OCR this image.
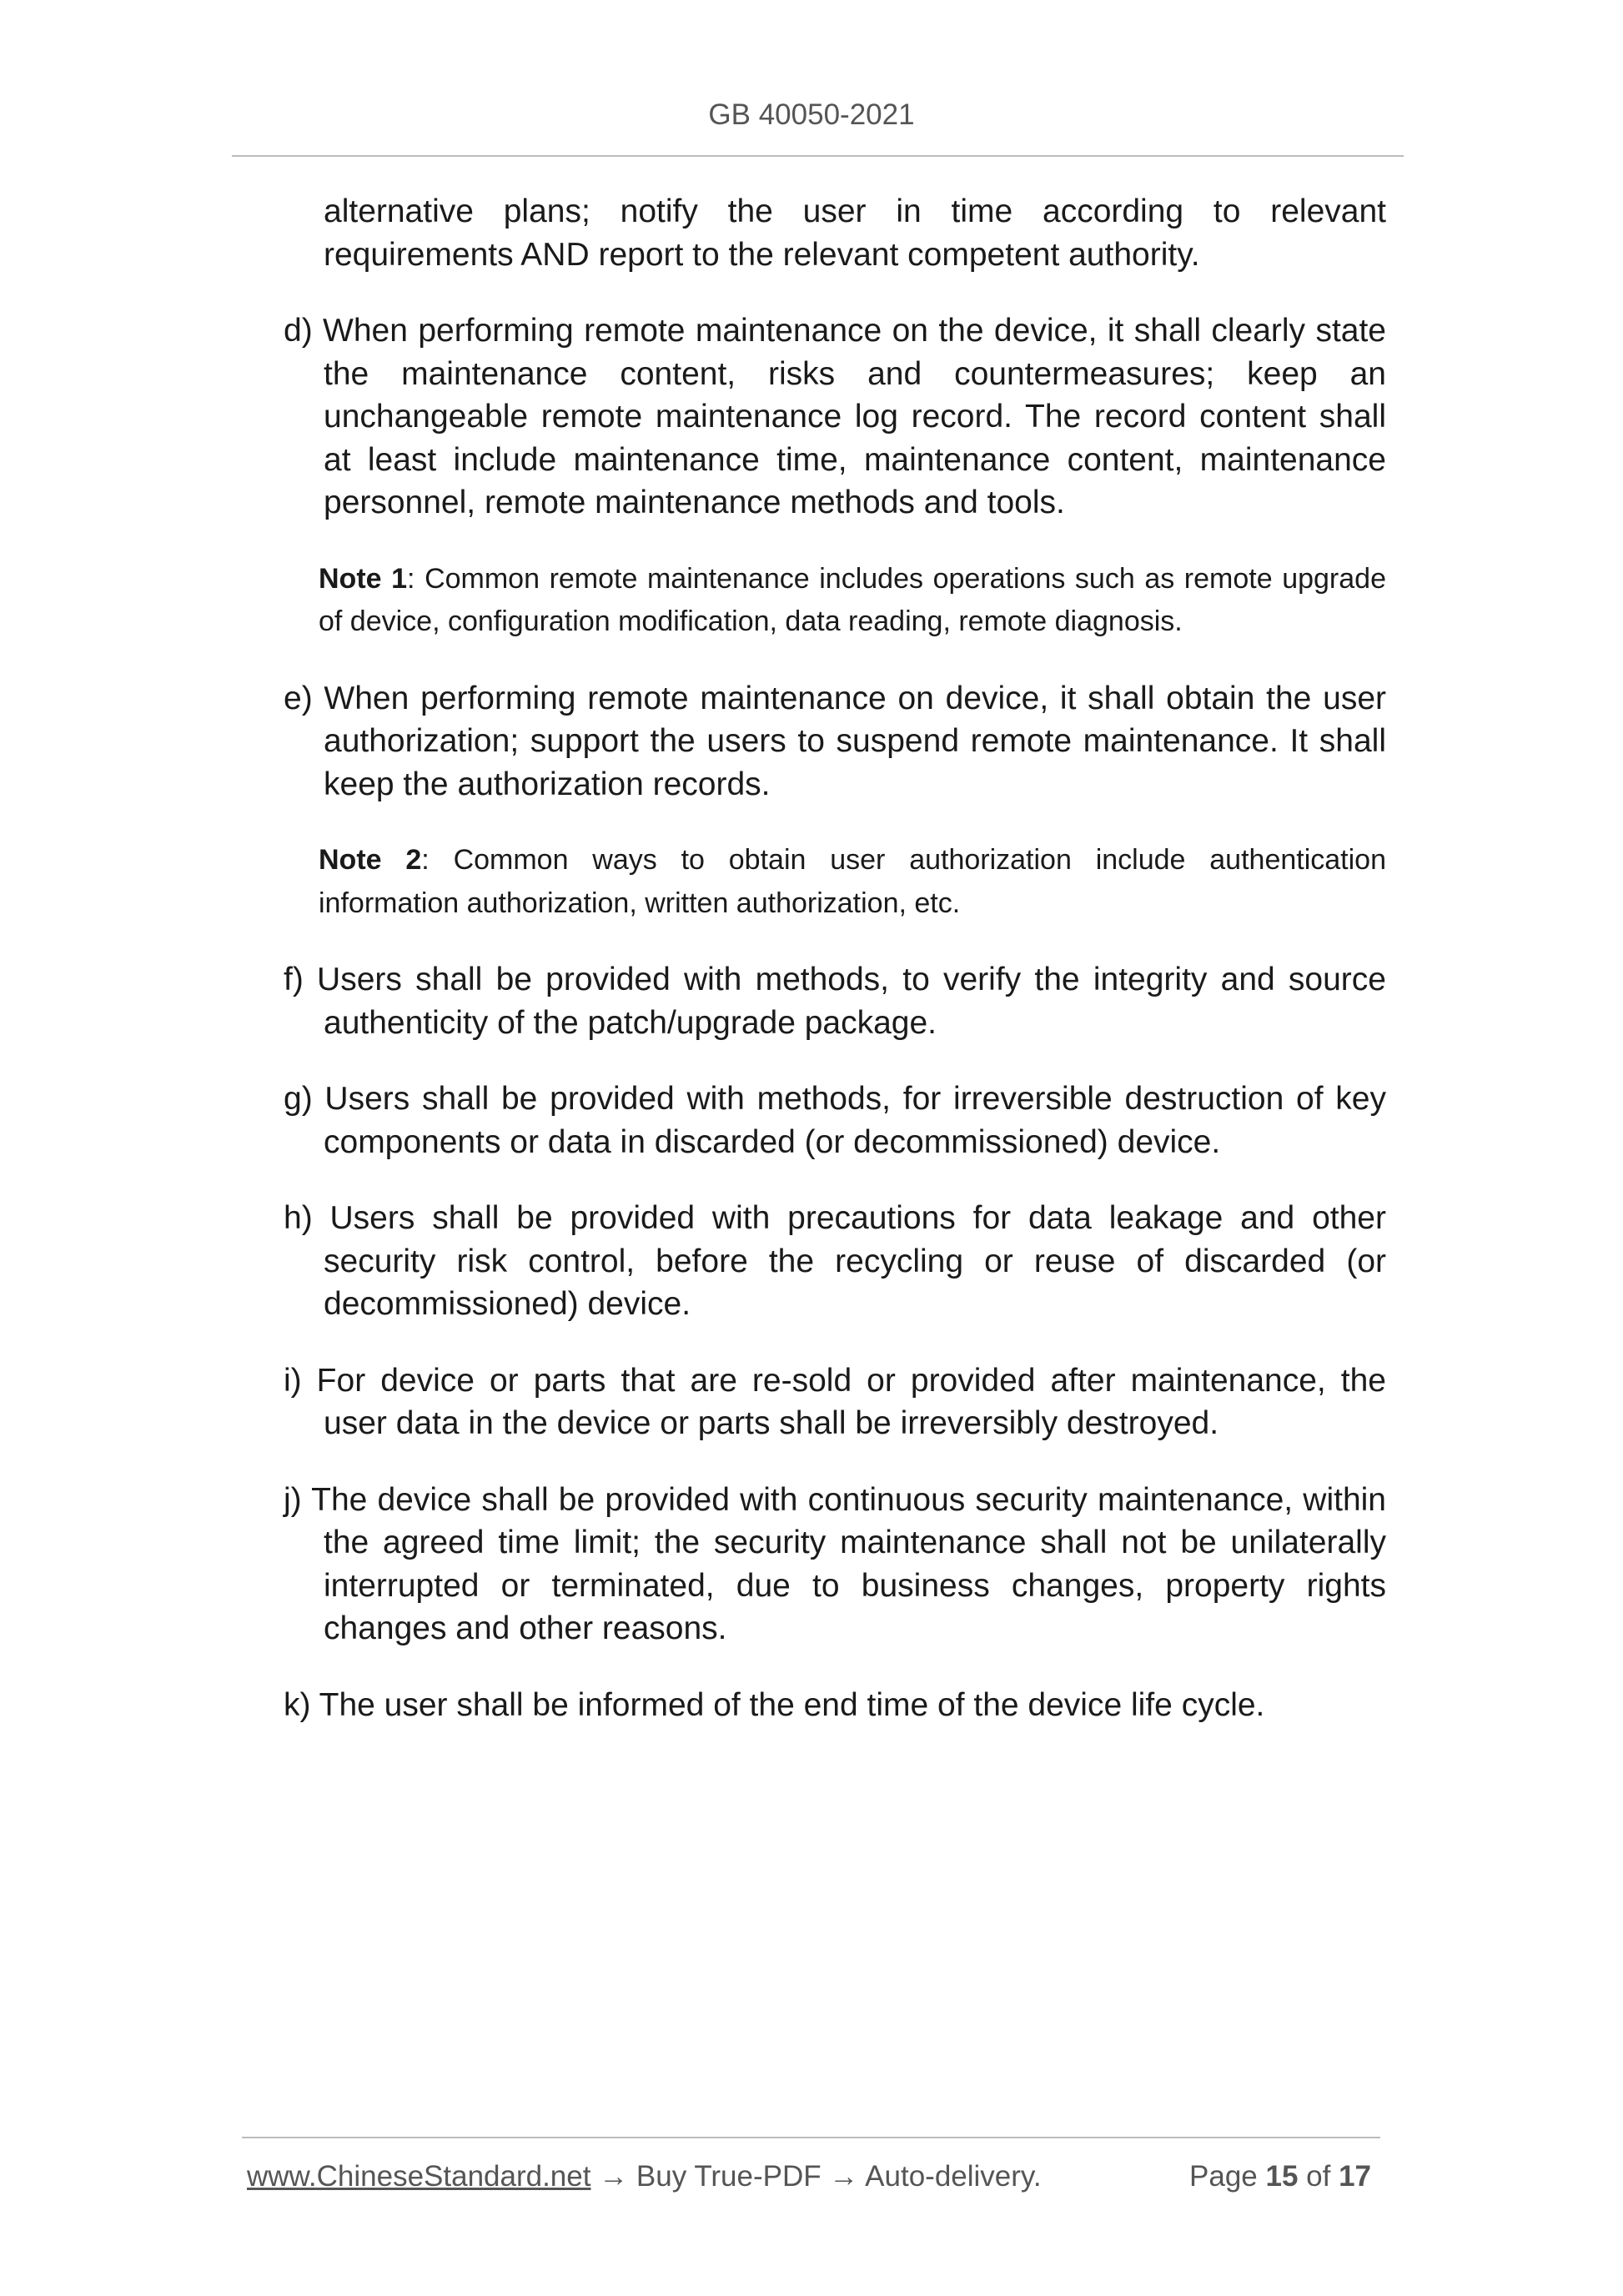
GB 40050-2021

alternative plans; notify the user in time according to relevant requirements AND report to the relevant competent authority.

d) When performing remote maintenance on the device, it shall clearly state the maintenance content, risks and countermeasures; keep an unchangeable remote maintenance log record. The record content shall at least include maintenance time, maintenance content, maintenance personnel, remote maintenance methods and tools.

Note 1: Common remote maintenance includes operations such as remote upgrade of device, configuration modification, data reading, remote diagnosis.

e) When performing remote maintenance on device, it shall obtain the user authorization; support the users to suspend remote maintenance. It shall keep the authorization records.

Note 2: Common ways to obtain user authorization include authentication information authorization, written authorization, etc.

f) Users shall be provided with methods, to verify the integrity and source authenticity of the patch/upgrade package.

g) Users shall be provided with methods, for irreversible destruction of key components or data in discarded (or decommissioned) device.

h) Users shall be provided with precautions for data leakage and other security risk control, before the recycling or reuse of discarded (or decommissioned) device.

i) For device or parts that are re-sold or provided after maintenance, the user data in the device or parts shall be irreversibly destroyed.

j) The device shall be provided with continuous security maintenance, within the agreed time limit; the security maintenance shall not be unilaterally interrupted or terminated, due to business changes, property rights changes and other reasons.

k) The user shall be informed of the end time of the device life cycle.

www.ChineseStandard.net → Buy True-PDF → Auto-delivery.	Page 15 of 17
